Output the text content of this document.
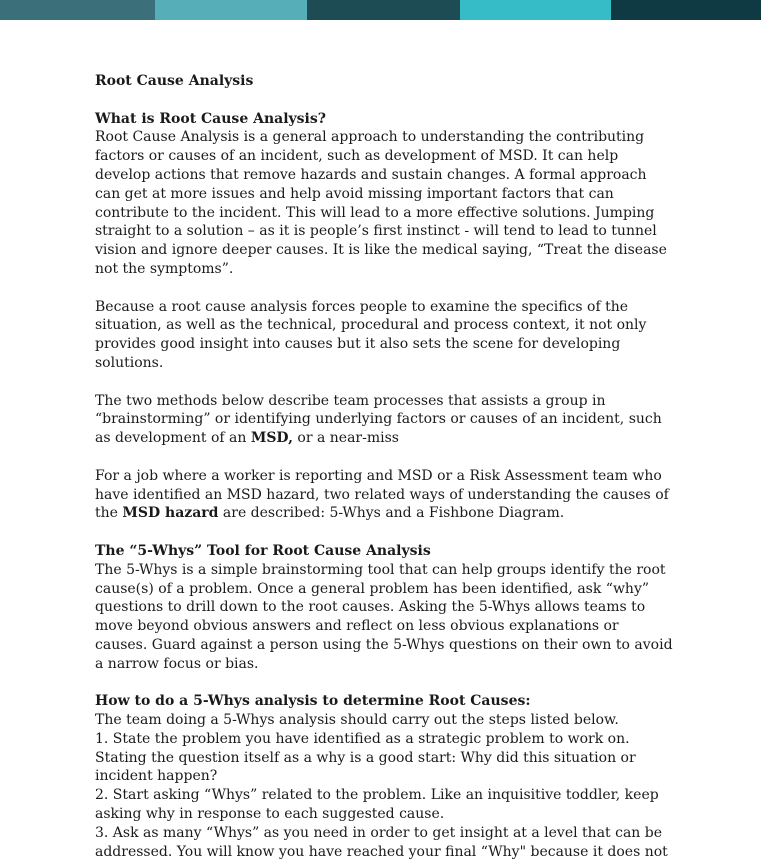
Root Cause Analysis

What is Root Cause Analysis?

Root Cause Analysis is a general approach to understanding the contributing factors or causes of an incident, such as development of MSD. It can help develop actions that remove hazards and sustain changes. A formal approach can get at more issues and help avoid missing important factors that can contribute to the incident. This will lead to a more effective solutions. Jumping straight to a solution – as it is people’s first instinct - will tend to lead to tunnel vision and ignore deeper causes. It is like the medical saying, “Treat the disease not the symptoms”.

Because a root cause analysis forces people to examine the specifics of the situation, as well as the technical, procedural and process context, it not only provides good insight into causes but it also sets the scene for developing solutions.

The two methods below describe team processes that assists a group in “brainstorming” or identifying underlying factors or causes of an incident, such as development of an MSD, or a near-miss

For a job where a worker is reporting and MSD or a Risk Assessment team who have identified an MSD hazard, two related ways of understanding the causes of the MSD hazard are described: 5-Whys and a Fishbone Diagram.

The “5-Whys” Tool for Root Cause Analysis

The 5-Whys is a simple brainstorming tool that can help groups identify the root cause(s) of a problem. Once a general problem has been identified, ask “why” questions to drill down to the root causes. Asking the 5-Whys allows teams to move beyond obvious answers and reflect on less obvious explanations or causes. Guard against a person using the 5-Whys questions on their own to avoid a narrow focus or bias.

How to do a 5-Whys analysis to determine Root Causes:

The team doing a 5-Whys analysis should carry out the steps listed below.

1. State the problem you have identified as a strategic problem to work on. Stating the question itself as a why is a good start: Why did this situation or incident happen?

2. Start asking “Whys” related to the problem. Like an inquisitive toddler, keep asking why in response to each suggested cause.

3. Ask as many “Whys” as you need in order to get insight at a level that can be addressed. You will know you have reached your final “Why" because it does not
